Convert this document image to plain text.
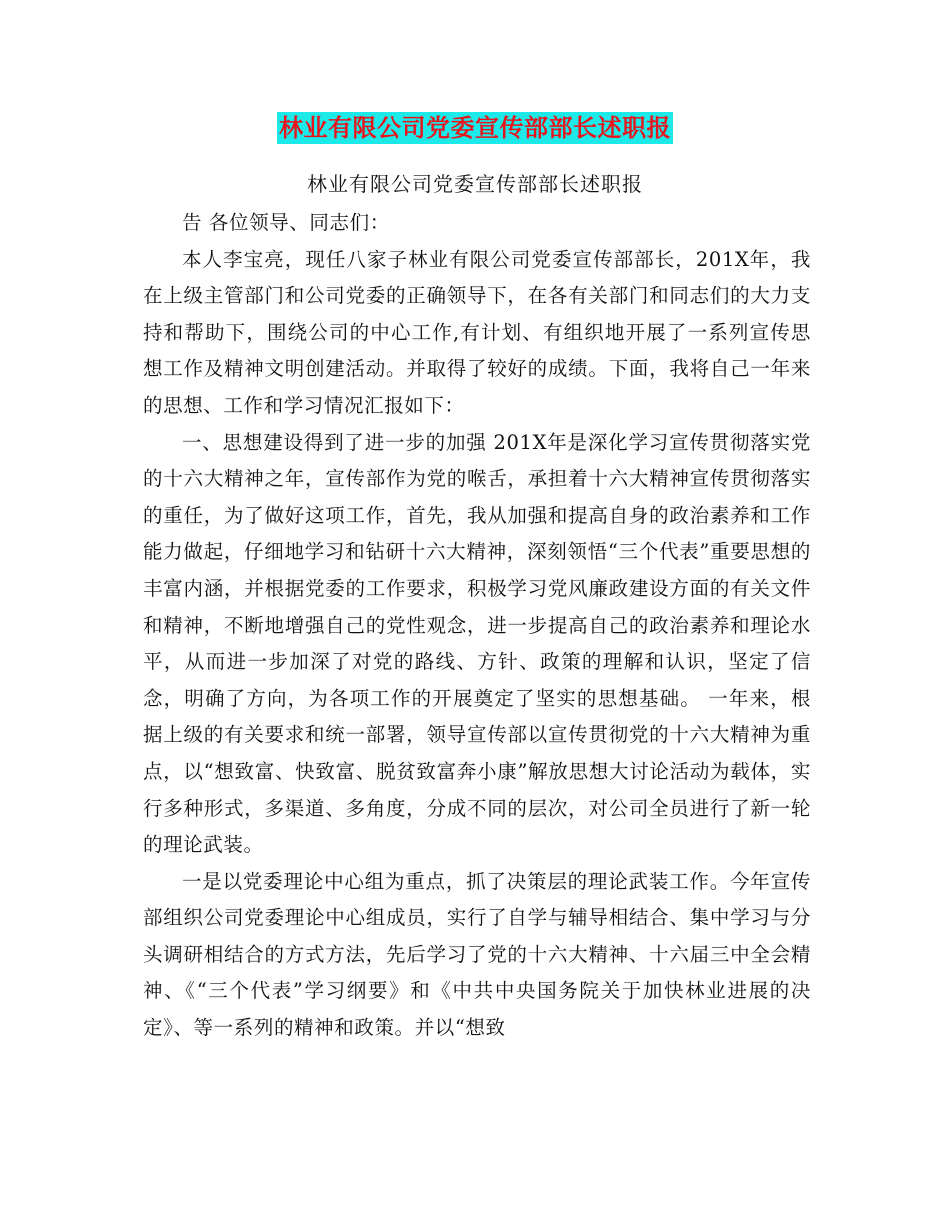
林业有限公司党委宣传部部长述职报
林业有限公司党委宣传部部长述职报

告 各位领导、同志们：

本人李宝亮，现任八家子林业有限公司党委宣传部部长，201X年，我在上级主管部门和公司党委的正确领导下，在各有关部门和同志们的大力支持和帮助下，围绕公司的中心工作,有计划、有组织地开展了一系列宣传思想工作及精神文明创建活动。并取得了较好的成绩。下面，我将自己一年来的思想、工作和学习情况汇报如下：

一、思想建设得到了进一步的加强 201X年是深化学习宣传贯彻落实党的十六大精神之年，宣传部作为党的喉舌，承担着十六大精神宣传贯彻落实的重任，为了做好这项工作，首先，我从加强和提高自身的政治素养和工作能力做起，仔细地学习和钻研十六大精神，深刻领悟“三个代表”重要思想的丰富内涵，并根据党委的工作要求，积极学习党风廉政建设方面的有关文件和精神，不断地增强自己的党性观念，进一步提高自己的政治素养和理论水平，从而进一步加深了对党的路线、方针、政策的理解和认识，坚定了信念，明确了方向，为各项工作的开展奠定了坚实的思想基础。 一年来，根据上级的有关要求和统一部署，领导宣传部以宣传贯彻党的十六大精神为重点，以“想致富、快致富、脱贫致富奔小康”解放思想大讨论活动为载体，实行多种形式，多渠道、多角度，分成不同的层次，对公司全员进行了新一轮的理论武装。

一是以党委理论中心组为重点，抓了决策层的理论武装工作。今年宣传部组织公司党委理论中心组成员，实行了自学与辅导相结合、集中学习与分头调研相结合的方式方法，先后学习了党的十六大精神、十六届三中全会精神、《“三个代表”学习纲要》和《中共中央国务院关于加快林业进展的决定》、等一系列的精神和政策。并以“想致
